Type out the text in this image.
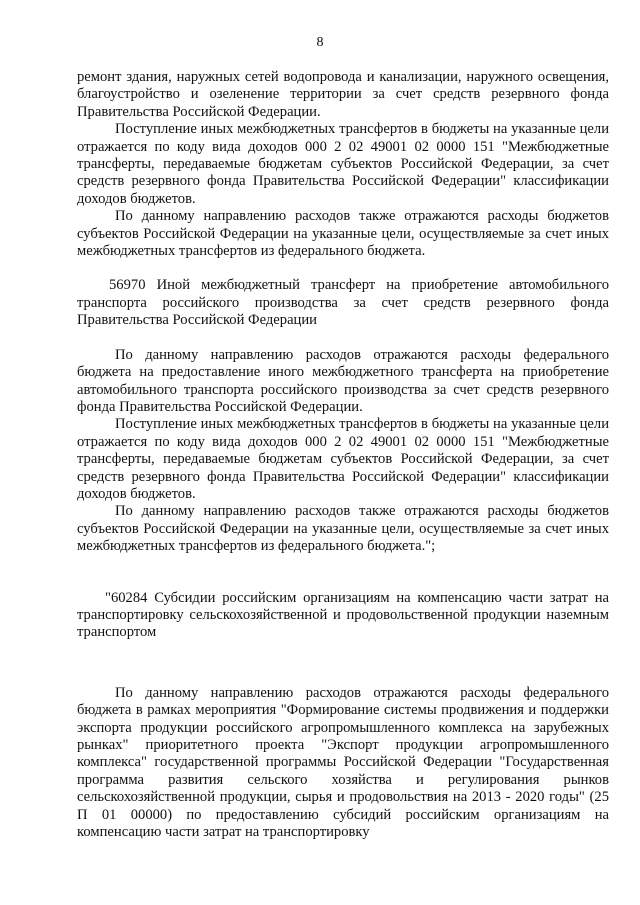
8

ремонт здания, наружных сетей водопровода и канализации, наружного освещения, благоустройство и озеленение территории за счет средств резервного фонда Правительства Российской Федерации.

Поступление иных межбюджетных трансфертов в бюджеты на указанные цели отражается по коду вида доходов 000 2 02 49001 02 0000 151 "Межбюджетные трансферты, передаваемые бюджетам субъектов Российской Федерации, за счет средств резервного фонда Правительства Российской Федерации" классификации доходов бюджетов.

По данному направлению расходов также отражаются расходы бюджетов субъектов Российской Федерации на указанные цели, осуществляемые за счет иных межбюджетных трансфертов из федерального бюджета.

56970 Иной межбюджетный трансферт на приобретение автомобильного транспорта российского производства за счет средств резервного фонда Правительства Российской Федерации

По данному направлению расходов отражаются расходы федерального бюджета на предоставление иного межбюджетного трансферта на приобретение автомобильного транспорта российского производства за счет средств резервного фонда Правительства Российской Федерации.

Поступление иных межбюджетных трансфертов в бюджеты на указанные цели отражается по коду вида доходов 000 2 02 49001 02 0000 151 "Межбюджетные трансферты, передаваемые бюджетам субъектов Российской Федерации, за счет средств резервного фонда Правительства Российской Федерации" классификации доходов бюджетов.

По данному направлению расходов также отражаются расходы бюджетов субъектов Российской Федерации на указанные цели, осуществляемые за счет иных межбюджетных трансфертов из федерального бюджета.";

"60284 Субсидии российским организациям на компенсацию части затрат на транспортировку сельскохозяйственной и продовольственной продукции наземным транспортом

По данному направлению расходов отражаются расходы федерального бюджета в рамках мероприятия "Формирование системы продвижения и поддержки экспорта продукции российского агропромышленного комплекса на зарубежных рынках" приоритетного проекта "Экспорт продукции агропромышленного комплекса" государственной программы Российской Федерации "Государственная программа развития сельского хозяйства и регулирования рынков сельскохозяйственной продукции, сырья и продовольствия на 2013 - 2020 годы" (25 П 01 00000) по предоставлению субсидий российским организациям на компенсацию части затрат на транспортировку
